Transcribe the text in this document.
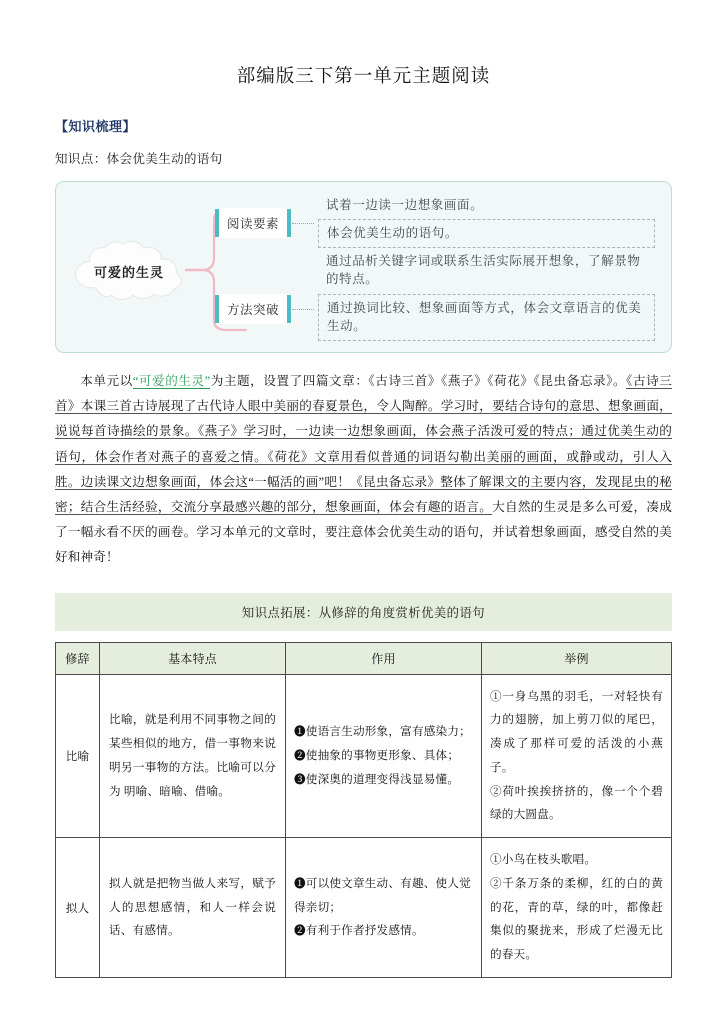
部编版三下第一单元主题阅读
【知识梳理】
知识点：体会优美生动的语句
可爱的生灵
阅读要素
方法突破
试着一边读一边想象画面。
体会优美生动的语句。
通过品析关键字词或联系生活实际展开想象，了解景物的特点。
通过换词比较、想象画面等方式，体会文章语言的优美生动。

本单元以“可爱的生灵”为主题，设置了四篇文章：《古诗三首》《燕子》《荷花》《昆虫备忘录》。《古诗三首》本课三首古诗展现了古代诗人眼中美丽的春夏景色，令人陶醉。学习时，要结合诗句的意思、想象画面，说说每首诗描绘的景象。《燕子》学习时，一边读一边想象画面，体会燕子活泼可爱的特点；通过优美生动的语句，体会作者对燕子的喜爱之情。《荷花》文章用看似普通的词语勾勒出美丽的画面，或静或动，引人入胜。边读课文边想象画面，体会这“一幅活的画”吧！《昆虫备忘录》整体了解课文的主要内容，发现昆虫的秘密；结合生活经验，交流分享最感兴趣的部分，想象画面，体会有趣的语言。大自然的生灵是多么可爱，凑成了一幅永看不厌的画卷。学习本单元的文章时，要注意体会优美生动的语句，并试着想象画面，感受自然的美好和神奇！

知识点拓展：从修辞的角度赏析优美的语句
修辞	基本特点	作用	举例
比喻	比喻，就是利用不同事物之间的某些相似的地方，借一事物来说明另一事物的方法。比喻可以分为 明喻、暗喻、借喻。	❶使语言生动形象，富有感染力；
❷使抽象的事物更形象、具体；
❸使深奥的道理变得浅显易懂。	①一身乌黑的羽毛，一对轻快有力的翅膀，加上剪刀似的尾巴，凑成了那样可爱的活泼的小燕子。
②荷叶挨挨挤挤的，像一个个碧绿的大圆盘。

拟人	拟人就是把物当做人来写，赋予人的思想感情，和人一样会说话、有感情。	❶可以使文章生动、有趣、使人觉得亲切；
❷有利于作者抒发感情。	①小鸟在枝头歌唱。
②千条万条的柔柳，红的白的黄的花，青的草，绿的叶，都像赶集似的聚拢来，形成了烂漫无比的春天。
